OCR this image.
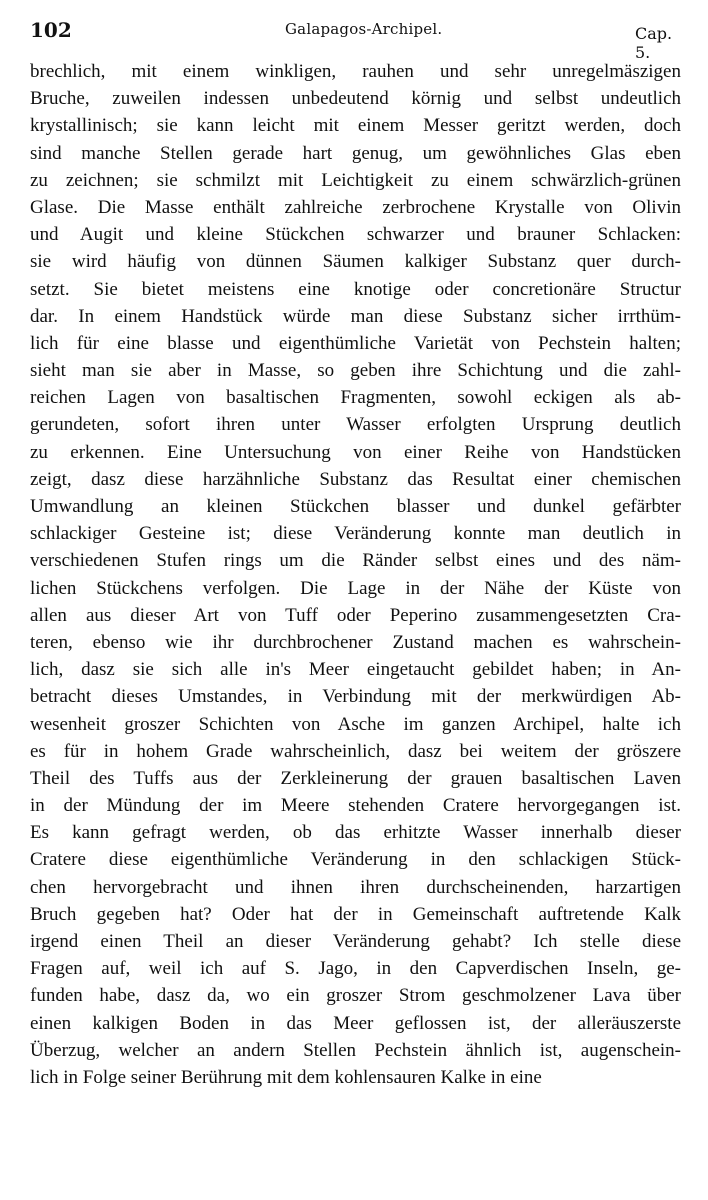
102	Galapagos-Archipel.	Cap. 5.
brechlich, mit einem winkligen, rauhen und sehr unregelmäszigen
Bruche, zuweilen indessen unbedeutend körnig und selbst undeutlich
krystallinisch; sie kann leicht mit einem Messer geritzt werden, doch
sind manche Stellen gerade hart genug, um gewöhnliches Glas eben
zu zeichnen; sie schmilzt mit Leichtigkeit zu einem schwärzlich-grünen
Glase. Die Masse enthält zahlreiche zerbrochene Krystalle von Olivin
und Augit und kleine Stückchen schwarzer und brauner Schlacken:
sie wird häufig von dünnen Säumen kalkiger Substanz quer durch-
setzt. Sie bietet meistens eine knotige oder concretionäre Structur
dar. In einem Handstück würde man diese Substanz sicher irrthüm-
lich für eine blasse und eigenthümliche Varietät von Pechstein halten;
sieht man sie aber in Masse, so geben ihre Schichtung und die zahl-
reichen Lagen von basaltischen Fragmenten, sowohl eckigen als ab-
gerundeten, sofort ihren unter Wasser erfolgten Ursprung deutlich
zu erkennen. Eine Untersuchung von einer Reihe von Handstücken
zeigt, dasz diese harzähnliche Substanz das Resultat einer chemischen
Umwandlung an kleinen Stückchen blasser und dunkel gefärbter
schlackiger Gesteine ist; diese Veränderung konnte man deutlich in
verschiedenen Stufen rings um die Ränder selbst eines und des näm-
lichen Stückchens verfolgen. Die Lage in der Nähe der Küste von
allen aus dieser Art von Tuff oder Peperino zusammengesetzten Cra-
teren, ebenso wie ihr durchbrochener Zustand machen es wahrschein-
lich, dasz sie sich alle in's Meer eingetaucht gebildet haben; in An-
betracht dieses Umstandes, in Verbindung mit der merkwürdigen Ab-
wesenheit groszer Schichten von Asche im ganzen Archipel, halte ich
es für in hohem Grade wahrscheinlich, dasz bei weitem der gröszere
Theil des Tuffs aus der Zerkleinerung der grauen basaltischen Laven
in der Mündung der im Meere stehenden Cratere hervorgegangen ist.
Es kann gefragt werden, ob das erhitzte Wasser innerhalb dieser
Cratere diese eigenthümliche Veränderung in den schlackigen Stück-
chen hervorgebracht und ihnen ihren durchscheinenden, harzartigen
Bruch gegeben hat? Oder hat der in Gemeinschaft auftretende Kalk
irgend einen Theil an dieser Veränderung gehabt? Ich stelle diese
Fragen auf, weil ich auf S. Jago, in den Capverdischen Inseln, ge-
funden habe, dasz da, wo ein groszer Strom geschmolzener Lava über
einen kalkigen Boden in das Meer geflossen ist, der alleräuszerste
Überzug, welcher an andern Stellen Pechstein ähnlich ist, augenschein-
lich in Folge seiner Berührung mit dem kohlensauren Kalke in eine
